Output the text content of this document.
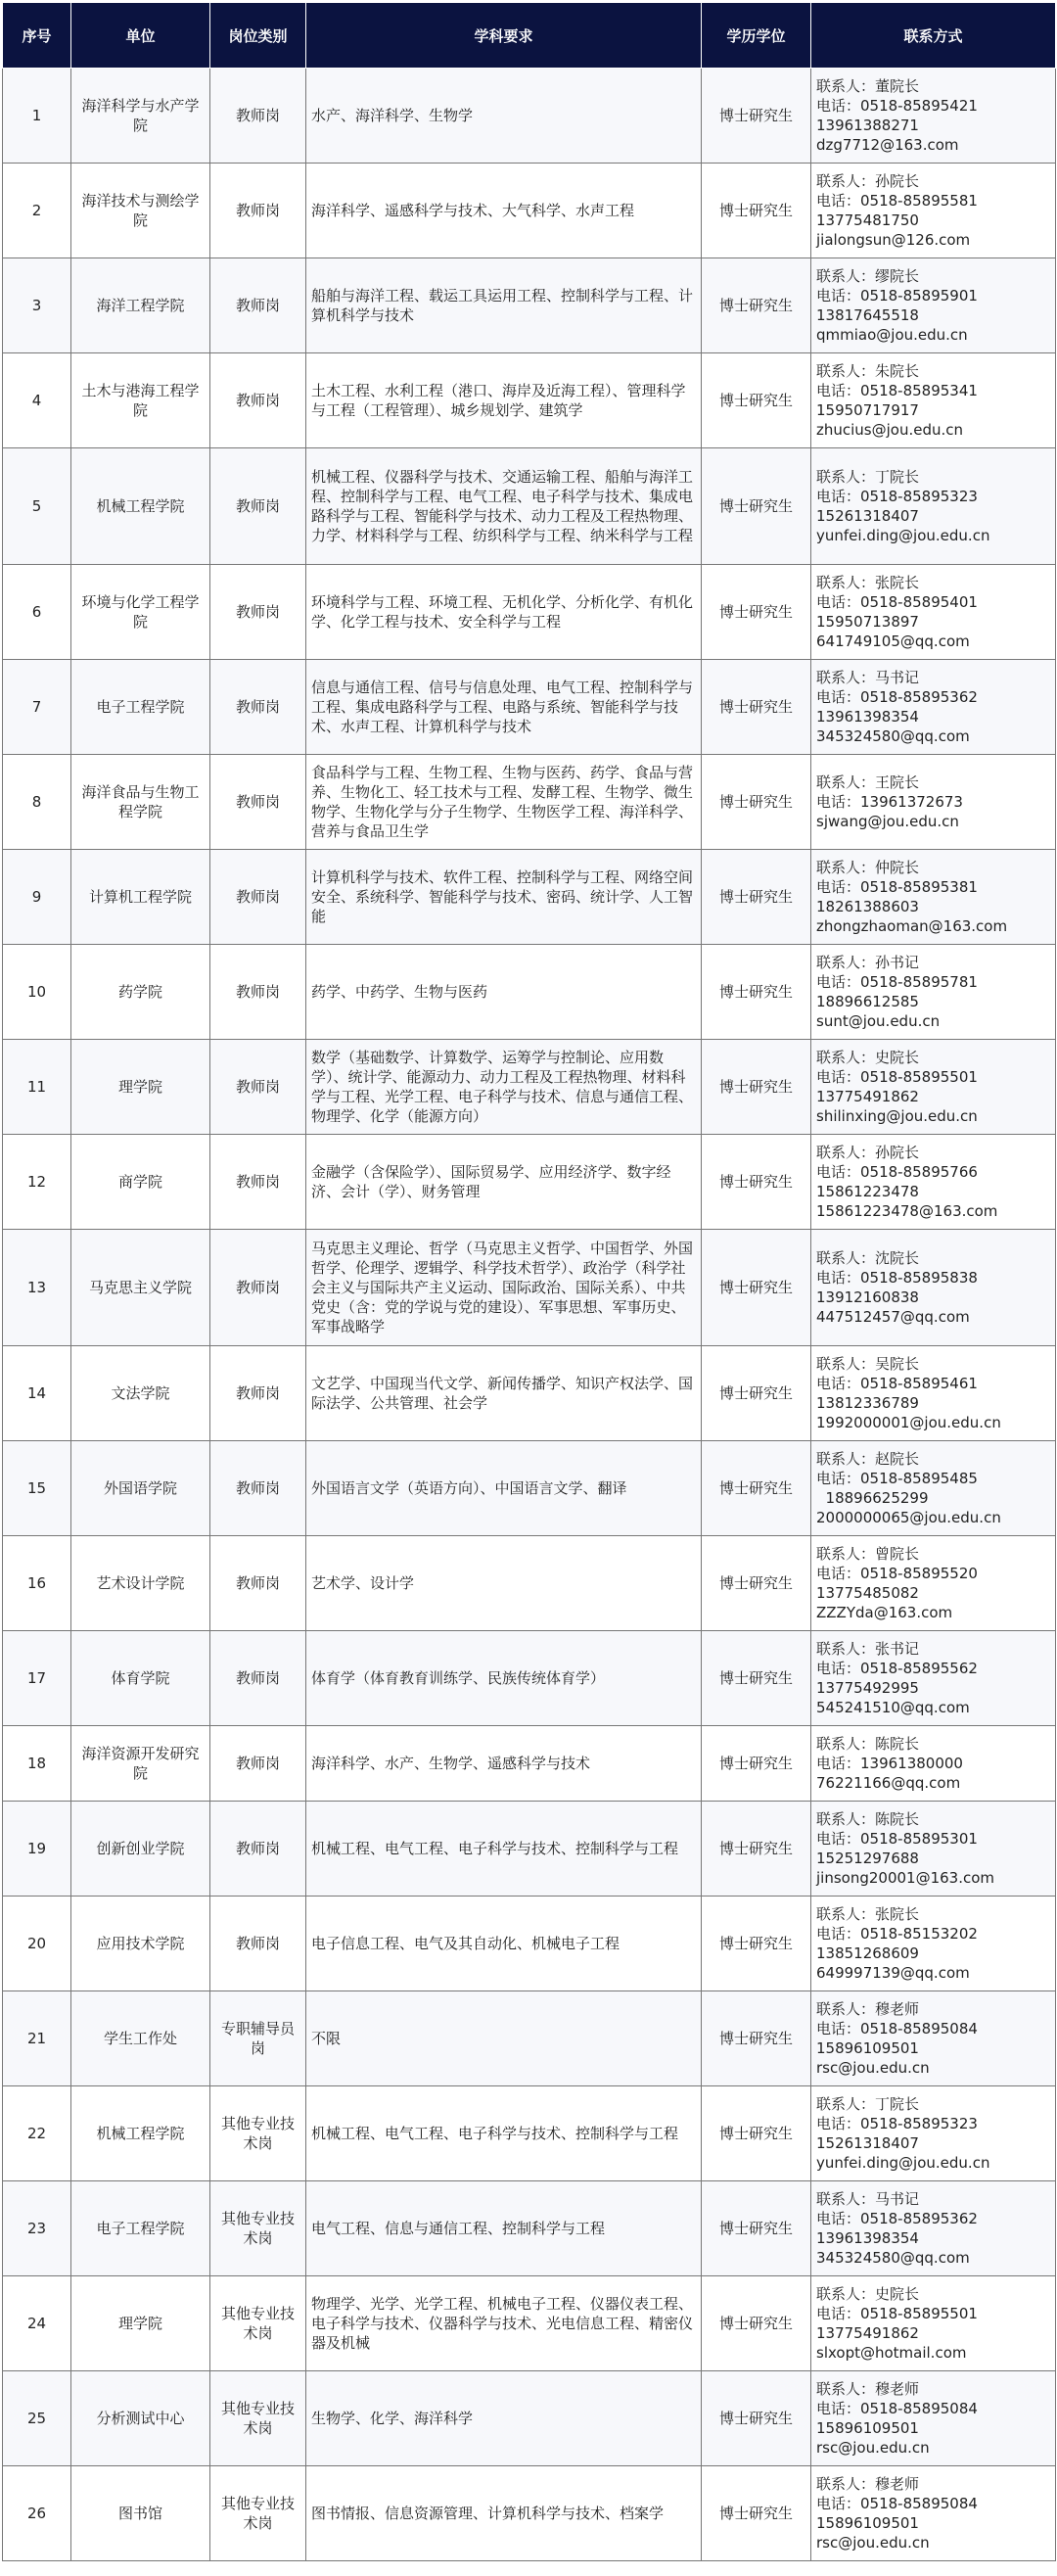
序号	单位	岗位类别	学科要求	学历学位	联系方式
1	海洋科学与水产学院	教师岗	水产、海洋科学、生物学	博士研究生	联系人：董院长
电话：0518-85895421
13961388271
dzg7712@163.com

2	海洋技术与测绘学院	教师岗	海洋科学、遥感科学与技术、大气科学、水声工程	博士研究生	联系人：孙院长
电话：0518-85895581
13775481750
jialongsun@126.com

3	海洋工程学院	教师岗	船舶与海洋工程、载运工具运用工程、控制科学与工程、计算机科学与技术	博士研究生	联系人：缪院长
电话：0518-85895901
13817645518
qmmiao@jou.edu.cn

4	土木与港海工程学院	教师岗	土木工程、水利工程（港口、海岸及近海工程）、管理科学与工程（工程管理）、城乡规划学、建筑学	博士研究生	联系人：朱院长
电话：0518-85895341
15950717917
zhucius@jou.edu.cn

5	机械工程学院	教师岗	机械工程、仪器科学与技术、交通运输工程、船舶与海洋工程、控制科学与工程、电气工程、电子科学与技术、集成电路科学与工程、智能科学与技术、动力工程及工程热物理、力学、材料科学与工程、纺织科学与工程、纳米科学与工程	博士研究生	联系人：丁院长
电话：0518-85895323
15261318407
yunfei.ding@jou.edu.cn

6	环境与化学工程学院	教师岗	环境科学与工程、环境工程、无机化学、分析化学、有机化学、化学工程与技术、安全科学与工程	博士研究生	联系人：张院长
电话：0518-85895401
15950713897
641749105@qq.com

7	电子工程学院	教师岗	信息与通信工程、信号与信息处理、电气工程、控制科学与工程、集成电路科学与工程、电路与系统、智能科学与技术、水声工程、计算机科学与技术	博士研究生	联系人：马书记
电话：0518-85895362
13961398354
345324580@qq.com

8	海洋食品与生物工程学院	教师岗	食品科学与工程、生物工程、生物与医药、药学、食品与营养、生物化工、轻工技术与工程、发酵工程、生物学、微生物学、生物化学与分子生物学、生物医学工程、海洋科学、营养与食品卫生学	博士研究生	联系人：王院长
电话：13961372673
sjwang@jou.edu.cn

9	计算机工程学院	教师岗	计算机科学与技术、软件工程、控制科学与工程、网络空间安全、系统科学、智能科学与技术、密码、统计学、人工智能	博士研究生	联系人：仲院长
电话：0518-85895381
18261388603
zhongzhaoman@163.com

10	药学院	教师岗	药学、中药学、生物与医药	博士研究生	联系人：孙书记
电话：0518-85895781
18896612585
sunt@jou.edu.cn

11	理学院	教师岗	数学（基础数学、计算数学、运筹学与控制论、应用数学）、统计学、能源动力、动力工程及工程热物理、材料科学与工程、光学工程、电子科学与技术、信息与通信工程、物理学、化学（能源方向）	博士研究生	联系人：史院长
电话：0518-85895501
13775491862
shilinxing@jou.edu.cn

12	商学院	教师岗	金融学（含保险学）、国际贸易学、应用经济学、数字经济、会计（学）、财务管理	博士研究生	联系人：孙院长
电话：0518-85895766
15861223478
15861223478@163.com

13	马克思主义学院	教师岗	马克思主义理论、哲学（马克思主义哲学、中国哲学、外国哲学、伦理学、逻辑学、科学技术哲学）、政治学（科学社会主义与国际共产主义运动、国际政治、国际关系）、中共党史（含：党的学说与党的建设）、军事思想、军事历史、军事战略学	博士研究生	联系人：沈院长
电话：0518-85895838
13912160838
447512457@qq.com

14	文法学院	教师岗	文艺学、中国现当代文学、新闻传播学、知识产权法学、国际法学、公共管理、社会学	博士研究生	联系人：吴院长
电话：0518-85895461
13812336789
1992000001@jou.edu.cn

15	外国语学院	教师岗	外国语言文学（英语方向）、中国语言文学、翻译	博士研究生	联系人：赵院长
电话：0518-85895485
18896625299
2000000065@jou.edu.cn

16	艺术设计学院	教师岗	艺术学、设计学	博士研究生	联系人：曾院长
电话：0518-85895520
13775485082
ZZZYda@163.com

17	体育学院	教师岗	体育学（体育教育训练学、民族传统体育学）	博士研究生	联系人：张书记
电话：0518-85895562
13775492995
545241510@qq.com

18	海洋资源开发研究院	教师岗	海洋科学、水产、生物学、遥感科学与技术	博士研究生	联系人：陈院长
电话：13961380000
76221166@qq.com

19	创新创业学院	教师岗	机械工程、电气工程、电子科学与技术、控制科学与工程	博士研究生	联系人：陈院长
电话：0518-85895301
15251297688
jinsong20001@163.com

20	应用技术学院	教师岗	电子信息工程、电气及其自动化、机械电子工程	博士研究生	联系人：张院长
电话：0518-85153202
13851268609
649997139@qq.com

21	学生工作处	专职辅导员岗	不限	博士研究生	联系人：穆老师
电话：0518-85895084
15896109501
rsc@jou.edu.cn

22	机械工程学院	其他专业技术岗	机械工程、电气工程、电子科学与技术、控制科学与工程	博士研究生	联系人：丁院长
电话：0518-85895323
15261318407
yunfei.ding@jou.edu.cn

23	电子工程学院	其他专业技术岗	电气工程、信息与通信工程、控制科学与工程	博士研究生	联系人：马书记
电话：0518-85895362
13961398354
345324580@qq.com

24	理学院	其他专业技术岗	物理学、光学、光学工程、机械电子工程、仪器仪表工程、电子科学与技术、仪器科学与技术、光电信息工程、精密仪器及机械	博士研究生	联系人：史院长
电话：0518-85895501
13775491862
slxopt@hotmail.com

25	分析测试中心	其他专业技术岗	生物学、化学、海洋科学	博士研究生	联系人：穆老师
电话：0518-85895084
15896109501
rsc@jou.edu.cn

26	图书馆	其他专业技术岗	图书情报、信息资源管理、计算机科学与技术、档案学	博士研究生	联系人：穆老师
电话：0518-85895084
15896109501
rsc@jou.edu.cn
